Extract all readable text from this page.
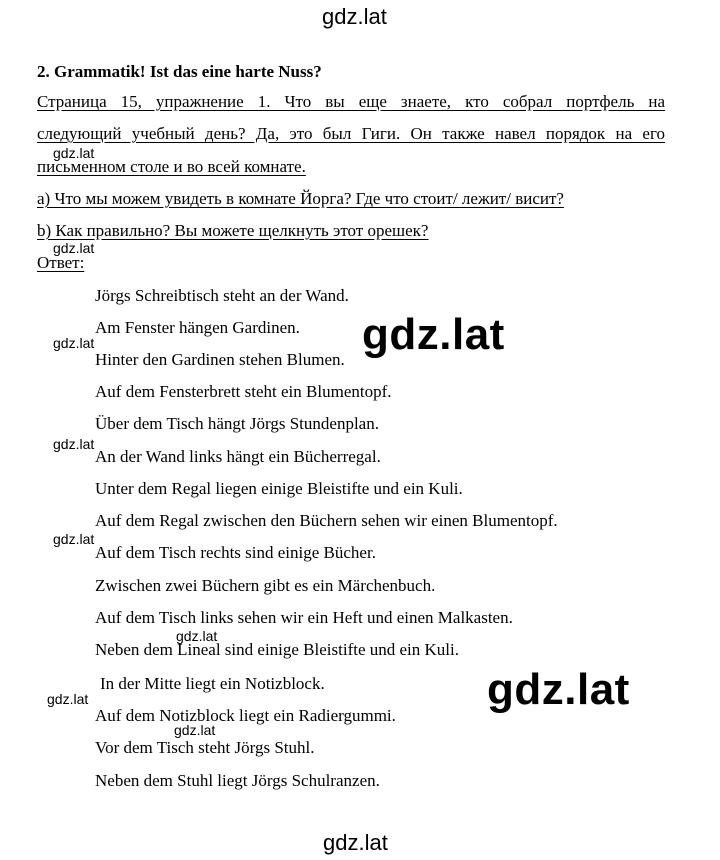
gdz.lat
2. Grammatik! Ist das eine harte Nuss?
Страница 15, упражнение 1. Что вы еще знаете, кто собрал портфель на
следующий учебный день? Да, это был Гиги. Он также навел порядок на его
письменном столе и во всей комнате.
а) Что мы можем увидеть в комнате Йорга? Где что стоит/ лежит/ висит?
b) Как правильно? Вы можете щелкнуть этот орешек?
Ответ:
Jörgs Schreibtisch steht an der Wand.
Am Fenster hängen Gardinen.
Hinter den Gardinen stehen Blumen.
Auf dem Fensterbrett steht ein Blumentopf.
Über dem Tisch hängt Jörgs Stundenplan.
An der Wand links hängt ein Bücherregal.
Unter dem Regal liegen einige Bleistifte und ein Kuli.
Auf dem Regal zwischen den Büchern sehen wir einen Blumentopf.
Auf dem Tisch rechts sind einige Bücher.
Zwischen zwei Büchern gibt es ein Märchenbuch.
Auf dem Tisch links sehen wir ein Heft und einen Malkasten.
Neben dem Lineal sind einige Bleistifte und ein Kuli.
In der Mitte liegt ein Notizblock.
Auf dem Notizblock liegt ein Radiergummi.
Vor dem Tisch steht Jörgs Stuhl.
Neben dem Stuhl liegt Jörgs Schulranzen.
gdz.lat
gdz.lat
gdz.lat
gdz.lat
gdz.lat
gdz.lat
gdz.lat
gdz.lat
gdz.lat
gdz.lat
gdz.lat
